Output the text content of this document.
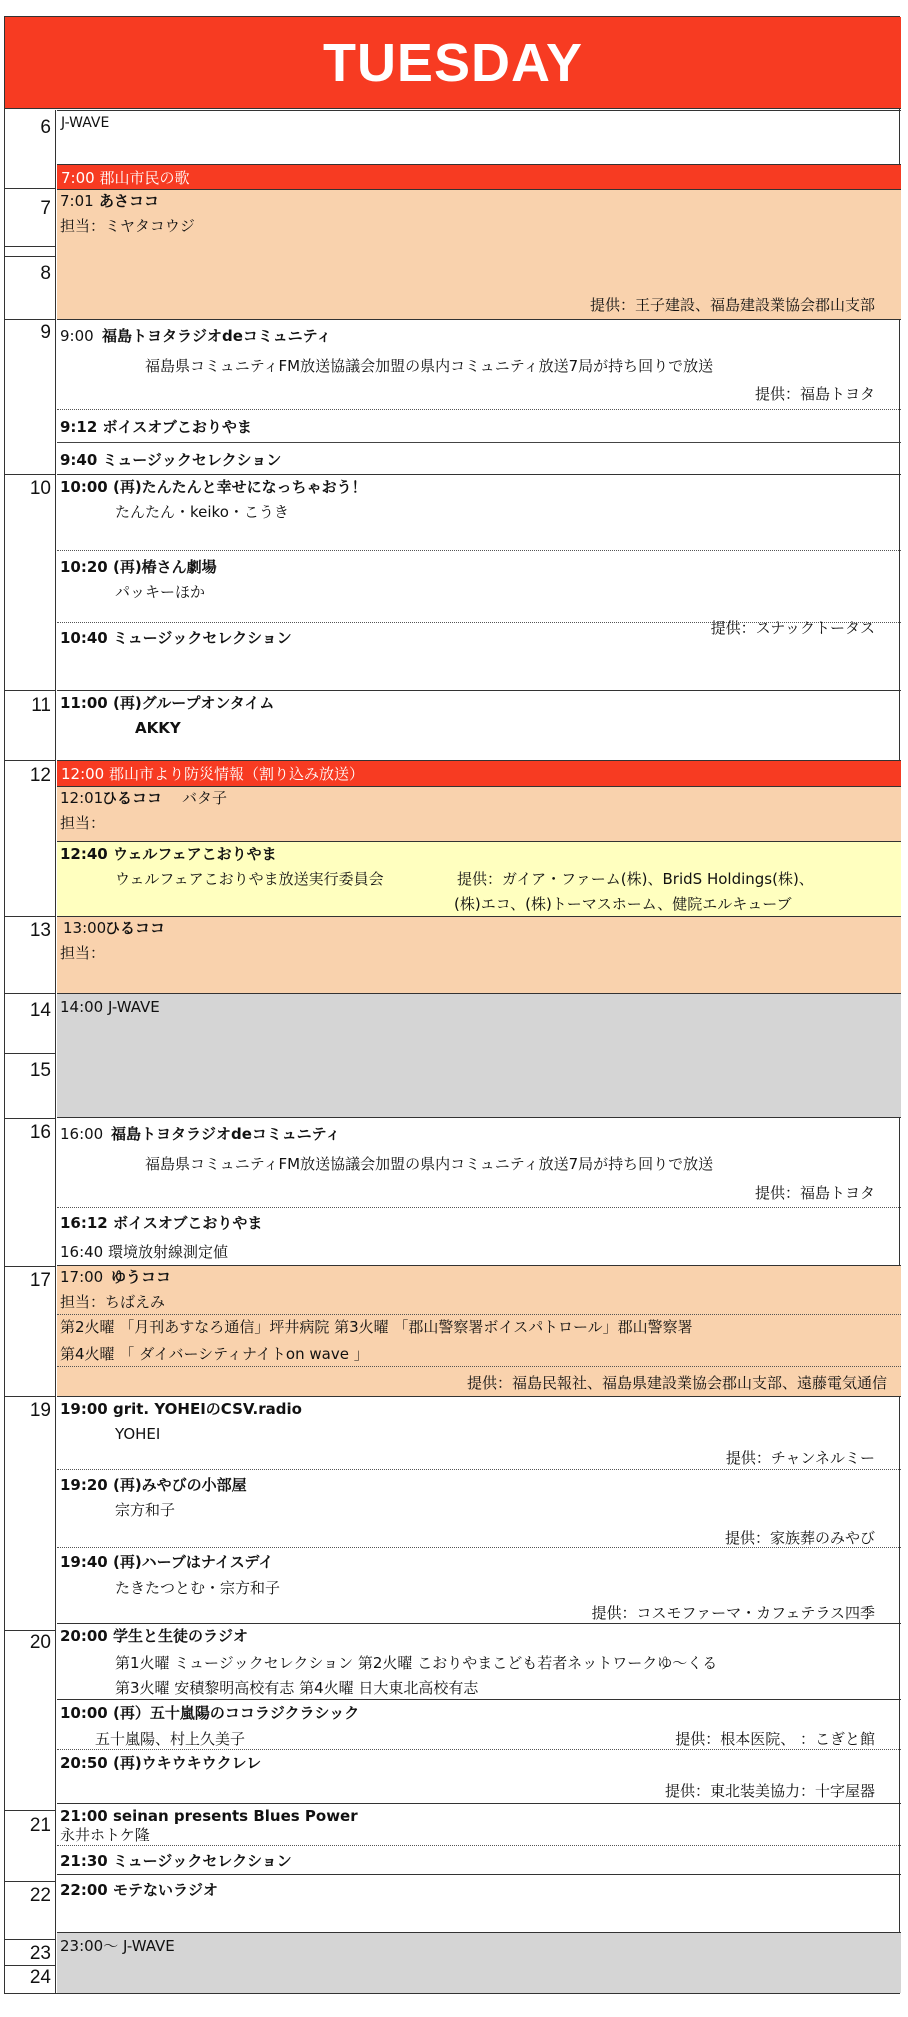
TUESDAY
6
7
8
9
10
11
12
13
14
15
16
17
19
20
21
22
23
24
J-WAVE
7:00 郡山市民の歌
7:01 あさココ
担当：ミヤタコウジ
提供：王子建設、福島建設業協会郡山支部
9:00 福島トヨタラジオdeコミュニティ
福島県コミュニティFM放送協議会加盟の県内コミュニティ放送7局が持ち回りで放送
提供：福島トヨタ
9:12 ボイスオブこおりやま
9:40 ミュージックセレクション
10:00 (再)たんたんと幸せになっちゃおう！
たんたん・keiko・こうき
10:20 (再)椿さん劇場
パッキーほか
提供：スナックトータス
10:40 ミュージックセレクション
11:00 (再)グループオンタイム
AKKY
12:00 郡山市より防災情報（割り込み放送）
12:01
ひるココ バタ子
担当：
12:40 ウェルフェアこおりやま
ウェルフェアこおりやま放送実行委員会	提供：ガイア・ファーム(株)、BridS Holdings(株)、
(株)エコ、(株)トーマスホーム、健院エルキューブ
13:00
ひるココ
担当：
14:00 J-WAVE
16:00 福島トヨタラジオdeコミュニティ
福島県コミュニティFM放送協議会加盟の県内コミュニティ放送7局が持ち回りで放送
提供：福島トヨタ
16:12 ボイスオブこおりやま
16:40 環境放射線測定値
17:00 ゆうココ
担当：ちばえみ
第2火曜 「月刊あすなろ通信」坪井病院 第3火曜 「郡山警察署ボイスパトロール」郡山警察署
第4火曜 「 ダイバーシティナイトon wave 」
提供：福島民報社、福島県建設業協会郡山支部、遠藤電気通信
19:00 grit. YOHEIのCSV.radio
YOHEI
提供：チャンネルミー
19:20 (再)みやびの小部屋
宗方和子
提供：家族葬のみやび
19:40 (再)ハーブはナイスデイ
たきたつとむ・宗方和子
提供：コスモファーマ・カフェテラス四季
20:00 学生と生徒のラジオ
第1火曜 ミュージックセレクション 第2火曜 こおりやまこども若者ネットワークゆ〜くる
第3火曜 安積黎明高校有志 第4火曜 日大東北高校有志
10:00 (再）五十嵐陽のココラジクラシック
五十嵐陽、村上久美子	提供：根本医院、 ：こぎと館
20:50 (再)ウキウキウクレレ
提供：東北装美協力：十字屋器
21:00 seinan presents Blues Power
永井ホトケ隆
21:30 ミュージックセレクション
22:00 モテないラジオ
23:00〜 J-WAVE
